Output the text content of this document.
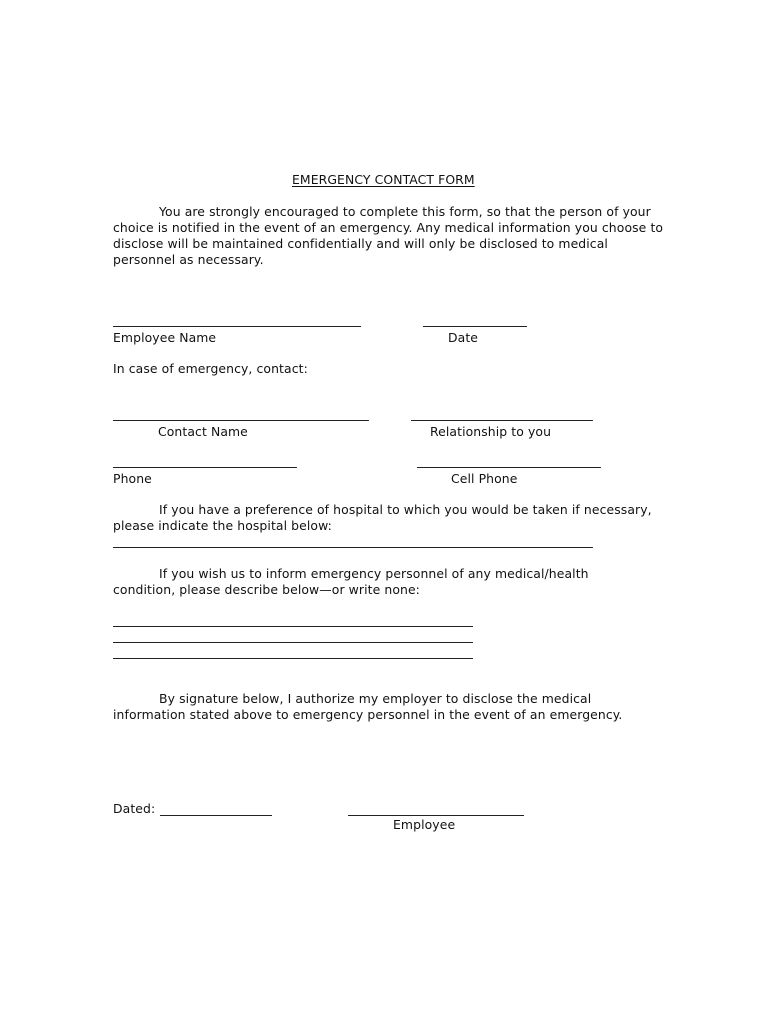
EMERGENCY CONTACT FORM
You are strongly encouraged to complete this form, so that the person of your choice is notified in the event of an emergency. Any medical information you choose to disclose will be maintained confidentially and will only be disclosed to medical personnel as necessary.
Employee Name	Date
In case of emergency, contact:
Contact Name	Relationship to you
Phone	Cell Phone
If you have a preference of hospital to which you would be taken if necessary, please indicate the hospital below:
If you wish us to inform emergency personnel of any medical/health condition, please describe below—or write none:
By signature below, I authorize my employer to disclose the medical information stated above to emergency personnel in the event of an emergency.
Dated:
Employee
